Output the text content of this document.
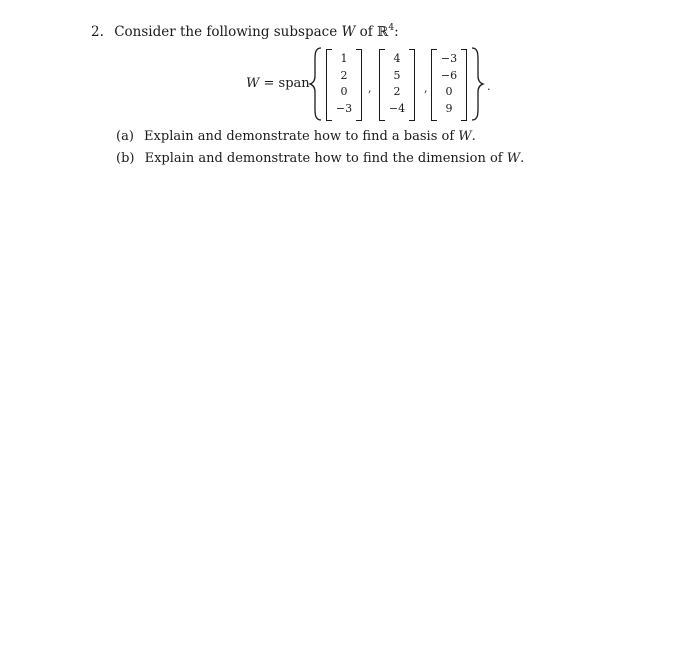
2. Consider the following subspace W of ℝ$^4$:
W = span
1
2
0
−3
,
4
5
2
−4
,
−3
−6
0
9
.
(a) Explain and demonstrate how to find a basis of W.
(b) Explain and demonstrate how to find the dimension of W.
